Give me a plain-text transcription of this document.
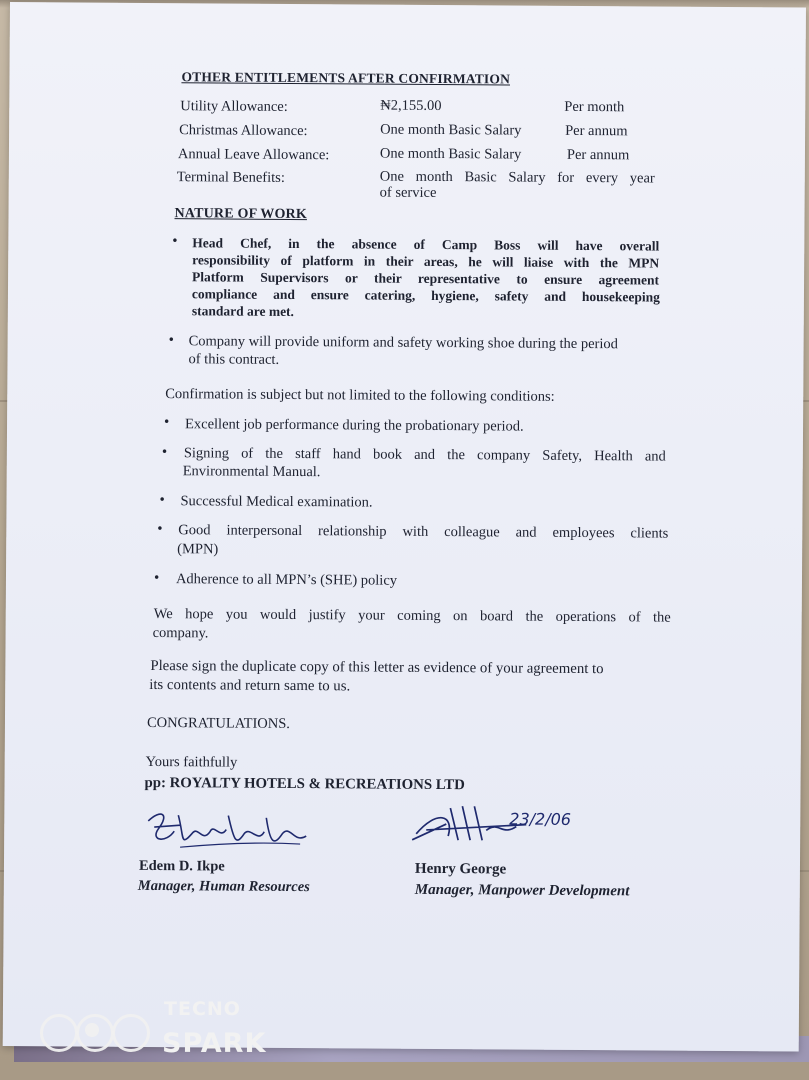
OTHER ENTITLEMENTS AFTER CONFIRMATION
Utility Allowance:	₦2,155.00	Per month
Christmas Allowance:	One month Basic Salary	Per annum
Annual Leave Allowance:	One month Basic Salary	Per annum
Terminal Benefits:	One month Basic Salary for every year
of service
NATURE OF WORK
• Head Chef, in the absence of Camp Boss will have overall
responsibility of platform in their areas, he will liaise with the MPN
Platform Supervisors or their representative to ensure agreement
compliance and ensure catering, hygiene, safety and housekeeping
standard are met.
• Company will provide uniform and safety working shoe during the period
of this contract.
Confirmation is subject but not limited to the following conditions:
• Excellent job performance during the probationary period.
• Signing of the staff hand book and the company Safety, Health and
Environmental Manual.
• Successful Medical examination.
• Good interpersonal relationship with colleague and employees clients
(MPN)
• Adherence to all MPN’s (SHE) policy
We hope you would justify your coming on board the operations of the
company.
Please sign the duplicate copy of this letter as evidence of your agreement to
its contents and return same to us.
CONGRATULATIONS.
Yours faithfully
pp: ROYALTY HOTELS & RECREATIONS LTD
23/2/06
Edem D. Ikpe
Manager, Human Resources
Henry George
Manager, Manpower Development
TECNO
SPARK
